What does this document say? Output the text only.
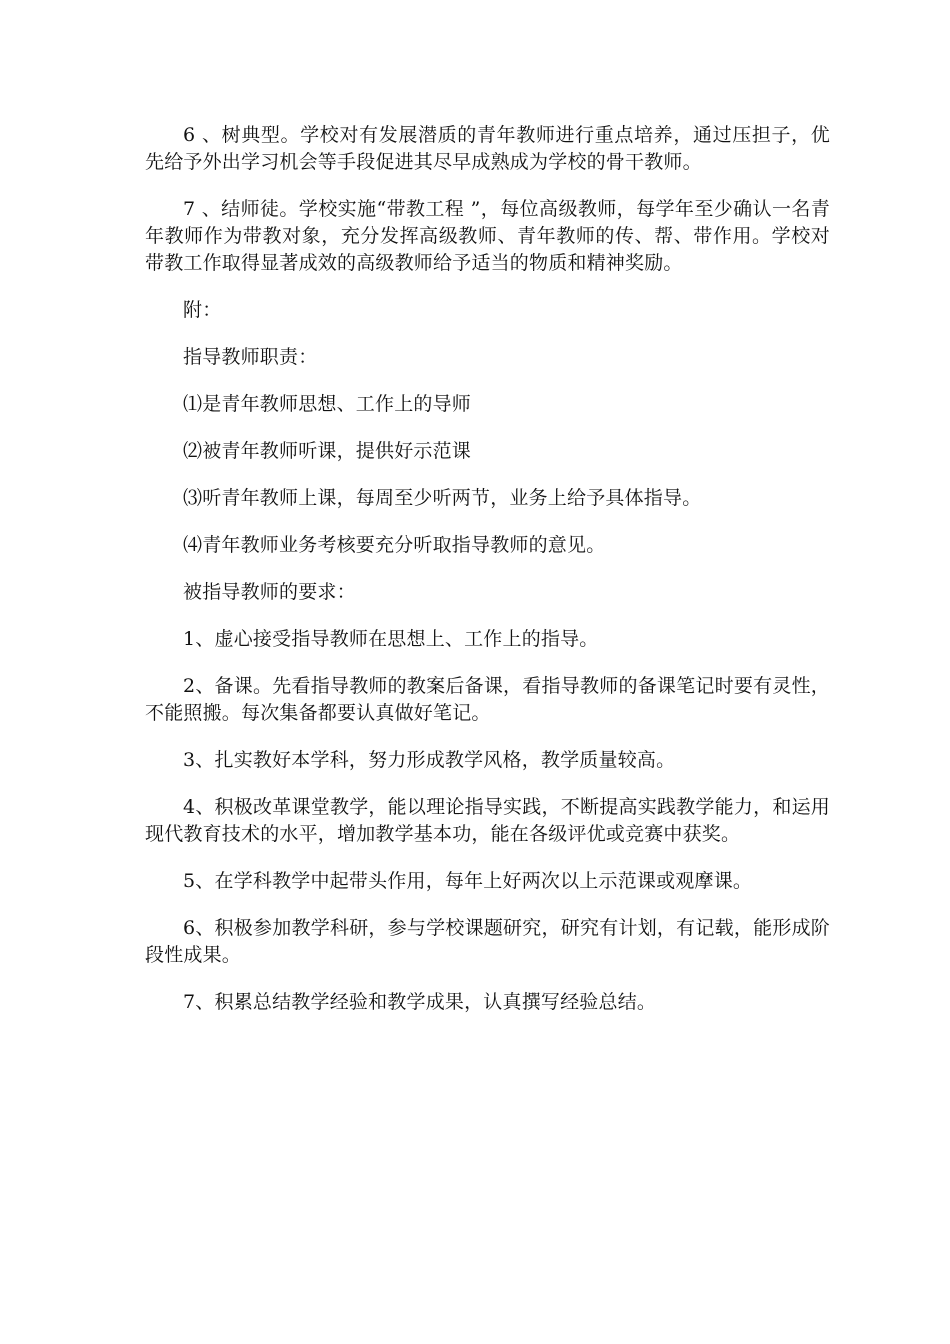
6 、树典型。学校对有发展潜质的青年教师进行重点培养，通过压担子，优先给予外出学习机会等手段促进其尽早成熟成为学校的骨干教师。

7 、结师徒。学校实施“带教工程 ”，每位高级教师，每学年至少确认一名青年教师作为带教对象，充分发挥高级教师、青年教师的传、帮、带作用。学校对带教工作取得显著成效的高级教师给予适当的物质和精神奖励。

附：

指导教师职责：

⑴是青年教师思想、工作上的导师

⑵被青年教师听课，提供好示范课

⑶听青年教师上课，每周至少听两节，业务上给予具体指导。

⑷青年教师业务考核要充分听取指导教师的意见。

被指导教师的要求：

1、虚心接受指导教师在思想上、工作上的指导。

2、备课。先看指导教师的教案后备课，看指导教师的备课笔记时要有灵性，不能照搬。每次集备都要认真做好笔记。

3、扎实教好本学科，努力形成教学风格，教学质量较高。

4、积极改革课堂教学，能以理论指导实践，不断提高实践教学能力，和运用现代教育技术的水平，增加教学基本功，能在各级评优或竞赛中获奖。

5、在学科教学中起带头作用，每年上好两次以上示范课或观摩课。

6、积极参加教学科研，参与学校课题研究，研究有计划，有记载，能形成阶段性成果。

7、积累总结教学经验和教学成果，认真撰写经验总结。
